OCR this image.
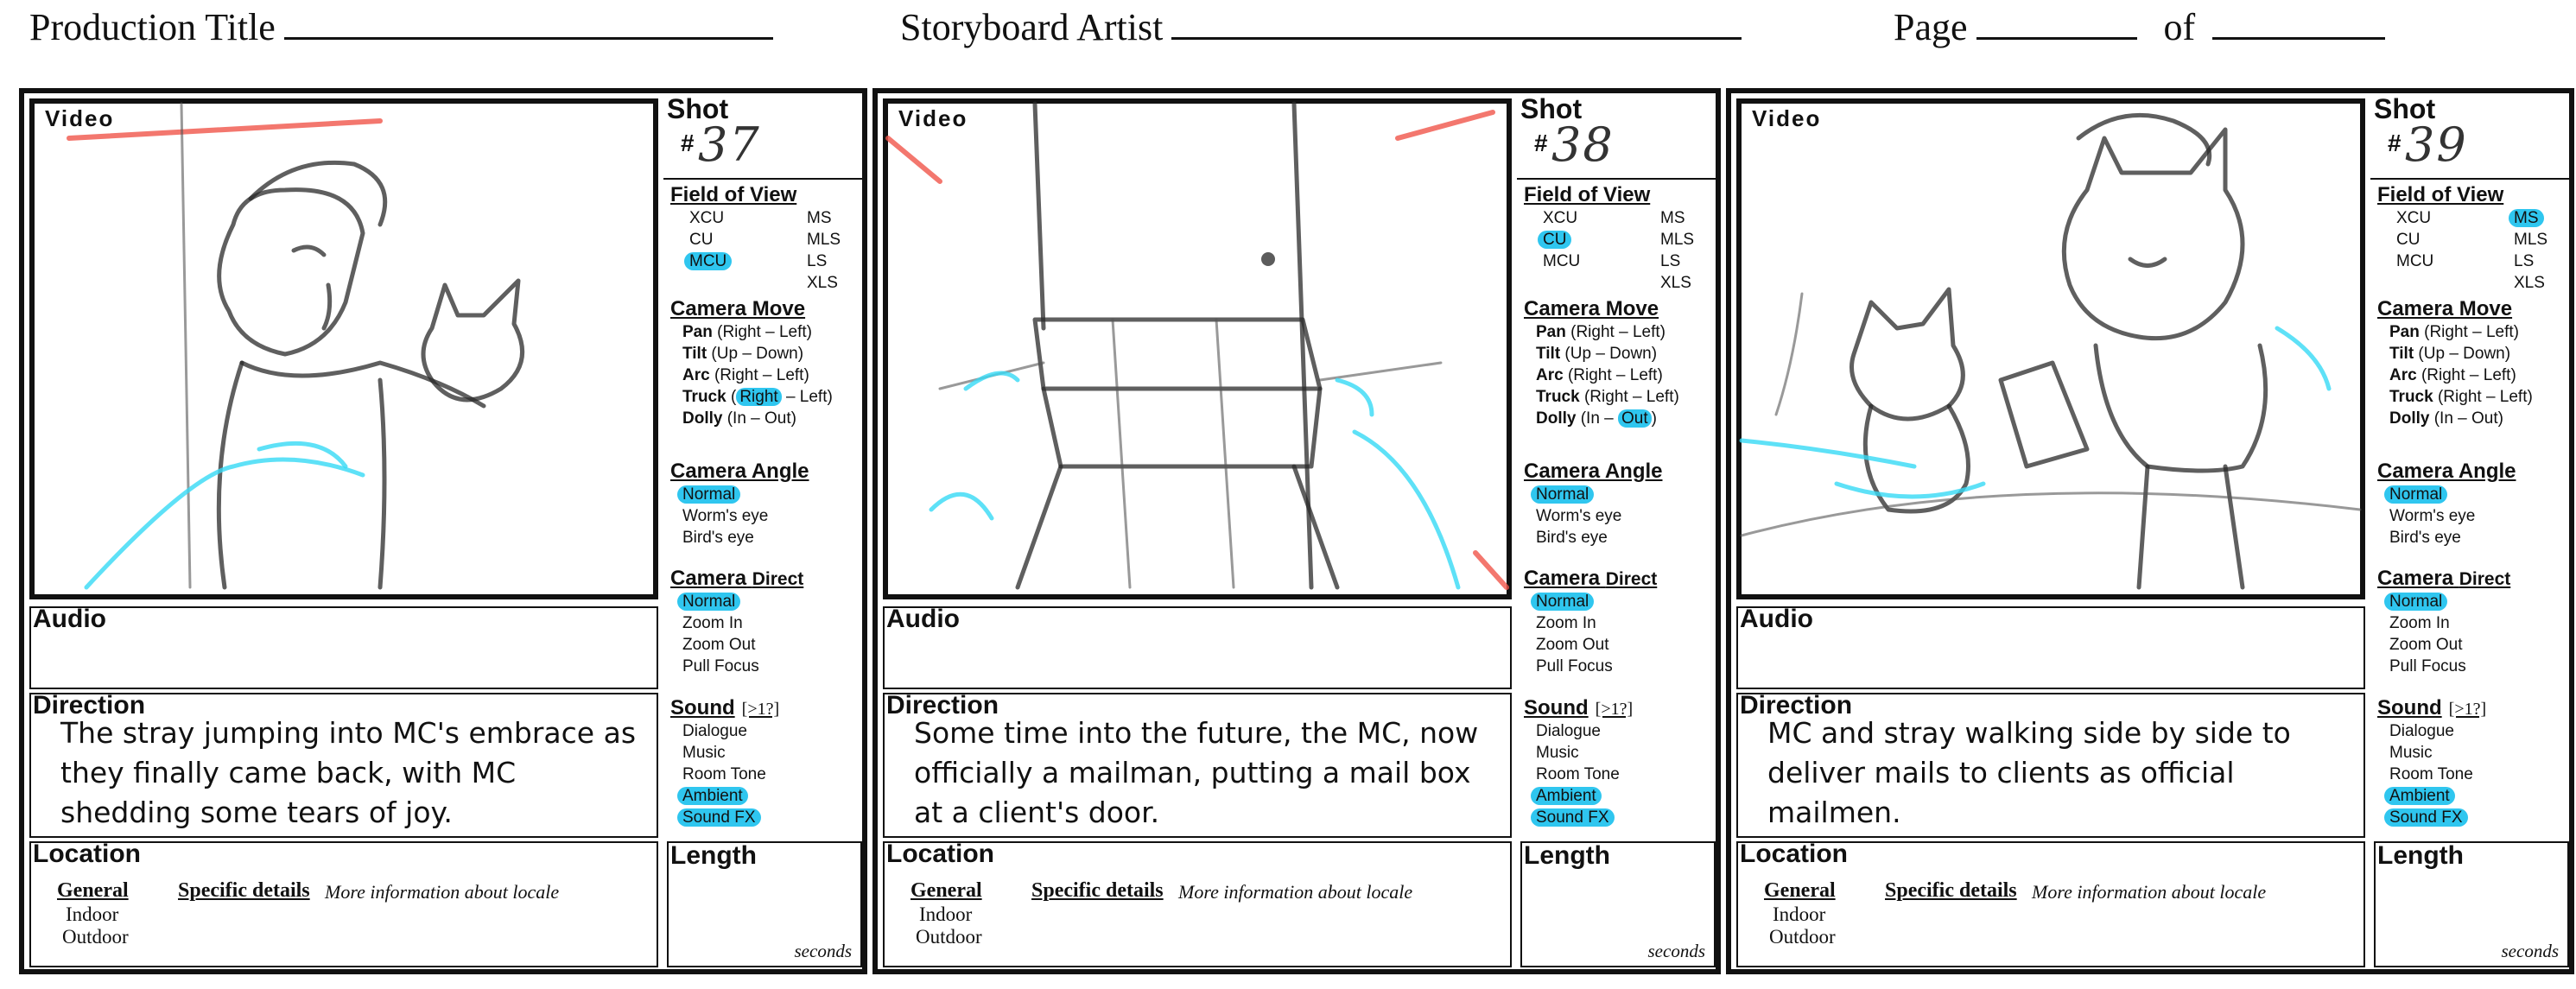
Production Title	Storyboard Artist	Page	of
Video
Audio
Direction
The stray jumping into MC's embrace as they finally came back, with MC shedding some tears of joy.
Location
General
Indoor
Outdoor
Specific details More information about locale
Shot
# 37
Field of View
XCU	MS
CU	MLS
MCU	LS
XLS
Camera Move
Pan (Right – Left)
Tilt (Up – Down)
Arc (Right – Left)
Truck ( Right – Left)
Dolly (In – Out)
Camera Angle
Normal
Worm's eye
Bird's eye
Camera Direct
Normal
Zoom In
Zoom Out
Pull Focus
Sound [>1?]
Dialogue
Music
Room Tone
Ambient
Sound FX
Length
seconds
Video
Audio
Direction
Some time into the future, the MC, now officially a mailman, putting a mail box at a client's door.
Location
General
Indoor
Outdoor
Specific details More information about locale
Shot
# 38
Field of View
XCU	MS
CU	MLS
MCU	LS
XLS
Camera Move
Pan (Right – Left)
Tilt (Up – Down)
Arc (Right – Left)
Truck (Right – Left)
Dolly (In – Out )
Camera Angle
Normal
Worm's eye
Bird's eye
Camera Direct
Normal
Zoom In
Zoom Out
Pull Focus
Sound [>1?]
Dialogue
Music
Room Tone
Ambient
Sound FX
Length
seconds
Video
Audio
Direction
MC and stray walking side by side to deliver mails to clients as official mailmen.
Location
General
Indoor
Outdoor
Specific details More information about locale
Shot
# 39
Field of View
XCU	MS
CU	MLS
MCU	LS
XLS
Camera Move
Pan (Right – Left)
Tilt (Up – Down)
Arc (Right – Left)
Truck (Right – Left)
Dolly (In – Out)
Camera Angle
Normal
Worm's eye
Bird's eye
Camera Direct
Normal
Zoom In
Zoom Out
Pull Focus
Sound [>1?]
Dialogue
Music
Room Tone
Ambient
Sound FX
Length
seconds
